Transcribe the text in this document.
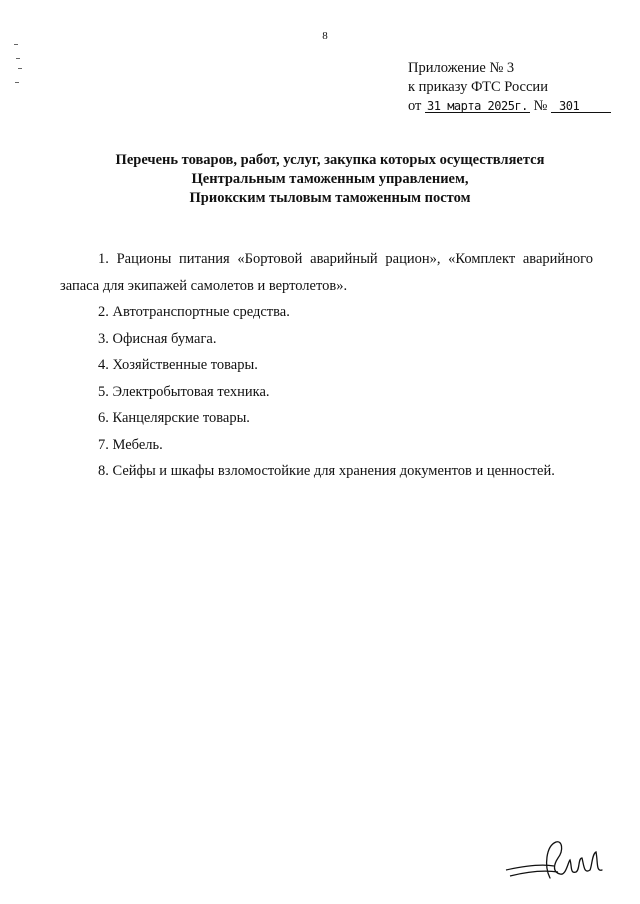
8
Приложение № 3
к приказу ФТС России
от 31 марта 2025г. № 301
Перечень товаров, работ, услуг, закупка которых осуществляется
Центральным таможенным управлением,
Приокским тыловым таможенным постом
1. Рационы питания «Бортовой аварийный рацион», «Комплект аварийного запаса для экипажей самолетов и вертолетов».
2. Автотранспортные средства.
3. Офисная бумага.
4. Хозяйственные товары.
5. Электробытовая техника.
6. Канцелярские товары.
7. Мебель.
8. Сейфы и шкафы взломостойкие для хранения документов и ценностей.
